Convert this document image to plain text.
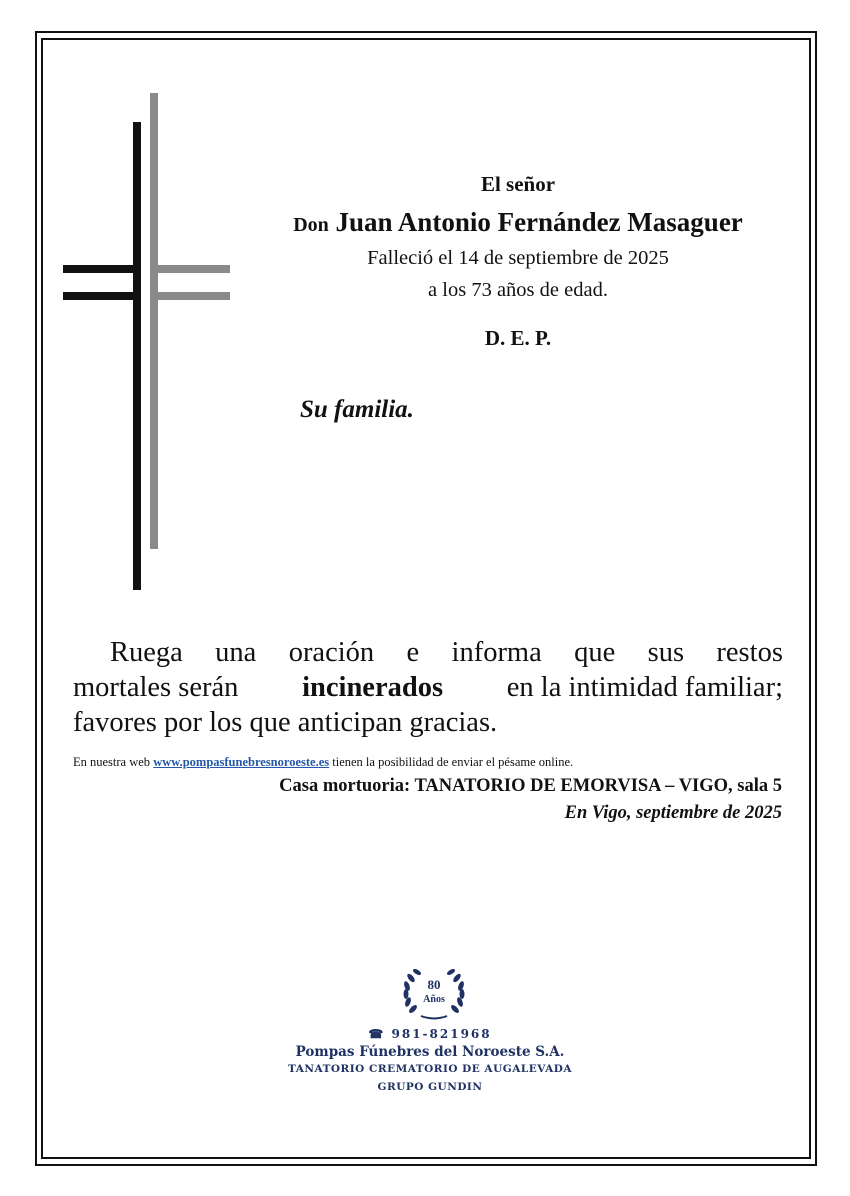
El señor
Don Juan Antonio Fernández Masaguer
Falleció el 14 de septiembre de 2025
a los 73 años de edad.
D. E. P.
Su familia.
Ruega una oración e informa que sus restos
mortales serán incinerados en la intimidad familiar;
favores por los que anticipan gracias.
En nuestra web www.pompasfunebresnoroeste.es tienen la posibilidad de enviar el pésame online.
Casa mortuoria: TANATORIO DE EMORVISA – VIGO, sala 5
En Vigo, septiembre de 2025
80
Años
☎ 981-821968
Pompas Fúnebres del Noroeste S.A.
TANATORIO CREMATORIO DE AUGALEVADA
GRUPO GUNDIN
